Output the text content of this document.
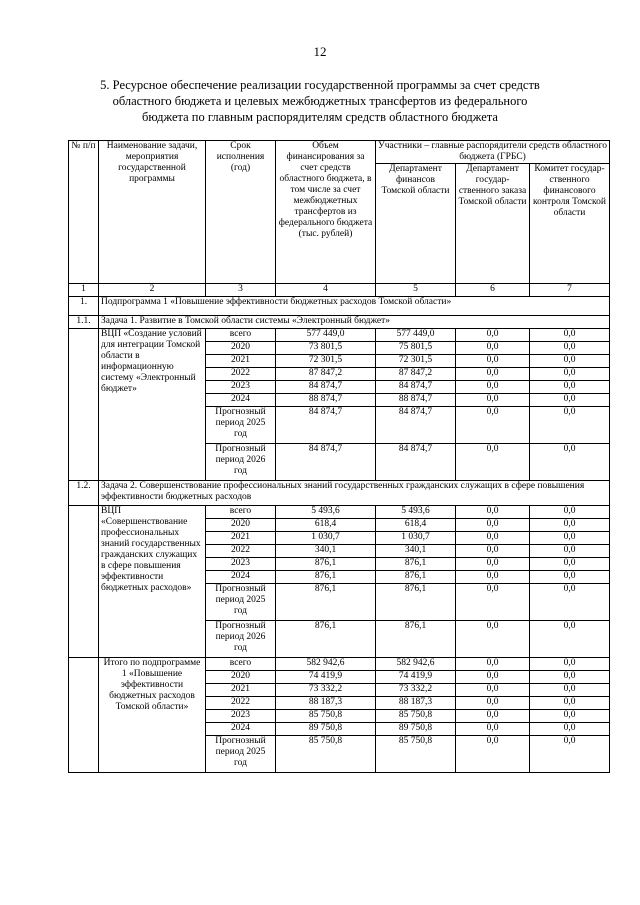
12
5. Ресурсное обеспечение реализации государственной программы за счет средств
областного бюджета и целевых межбюджетных трансфертов из федерального
бюджета по главным распорядителям средств областного бюджета
№ п/п	Наименование задачи, мероприятия государственной программы	Срок исполнения (год)	Объем финансирования за счет средств областного бюджета, в том числе за счет межбюджетных трансфертов из федерального бюджета (тыс. рублей)	Участники – главные распорядители средств областного бюджета (ГРБС)		
				Департамент финансов Томской области	Департамент государ-ственного заказа Томской области	Комитет государ-ственного финансового контроля Томской области
1	2	3	4	5	6	7
1.	Подпрограмма 1 «Повышение эффективности бюджетных расходов Томской области»					
1.1.	Задача 1. Развитие в Томской области системы «Электронный бюджет»					
	ВЦП «Создание условий для интеграции Томской области в информационную систему «Электронный бюджет»	всего	577 449,0	577 449,0	0,0	0,0
		2020	73 801,5	75 801,5	0,0	0,0
		2021	72 301,5	72 301,5	0,0	0,0
		2022	87 847,2	87 847,2	0,0	0,0
		2023	84 874,7	84 874,7	0,0	0,0
		2024	88 874,7	88 874,7	0,0	0,0
		Прогнозный период 2025 год	84 874,7	84 874,7	0,0	0,0
		Прогнозный период 2026 год	84 874,7	84 874,7	0,0	0,0
1.2.	Задача 2. Совершенствование профессиональных знаний государственных гражданских служащих в сфере повышения эффективности бюджетных расходов					
	ВЦП «Совершенствование профессиональных знаний государственных гражданских служащих в сфере повышения эффективности бюджетных расходов»	всего	5 493,6	5 493,6	0,0	0,0
		2020	618,4	618,4	0,0	0,0
		2021	1 030,7	1 030,7	0,0	0,0
		2022	340,1	340,1	0,0	0,0
		2023	876,1	876,1	0,0	0,0
		2024	876,1	876,1	0,0	0,0
		Прогнозный период 2025 год	876,1	876,1	0,0	0,0
		Прогнозный период 2026 год	876,1	876,1	0,0	0,0
	Итого по подпрограмме 1 «Повышение эффективности бюджетных расходов Томской области»	всего	582 942,6	582 942,6	0,0	0,0
		2020	74 419,9	74 419,9	0,0	0,0
		2021	73 332,2	73 332,2	0,0	0,0
		2022	88 187,3	88 187,3	0,0	0,0
		2023	85 750,8	85 750,8	0,0	0,0
		2024	89 750,8	89 750,8	0,0	0,0
		Прогнозный период 2025 год	85 750,8	85 750,8	0,0	0,0
